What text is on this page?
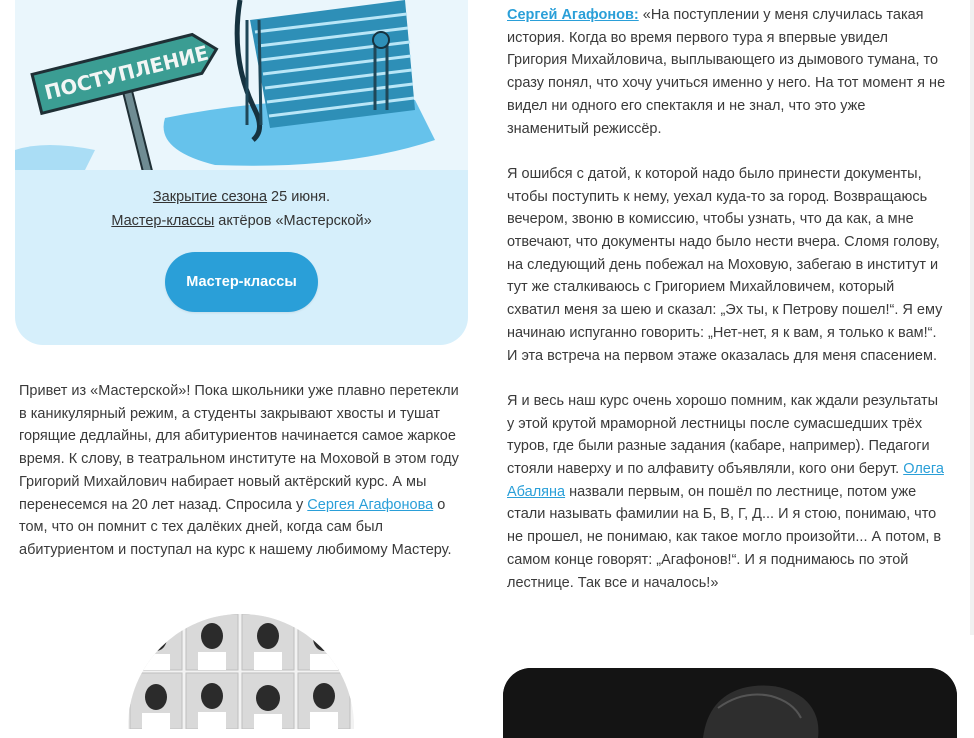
ПОСТУПЛЕНИЕ
Закрытие сезона 25 июня.
Мастер-классы актёров «Мастерской»
Мастер-классы
Привет из «Мастерской»! Пока школьники уже плавно перетекли в каникулярный режим, а студенты закрывают хвосты и тушат горящие дедлайны, для абитуриентов начинается самое жаркое время. К слову, в театральном институте на Моховой в этом году Григорий Михайлович набирает новый актёрский курс. А мы перенесемся на 20 лет назад. Спросила у Сергея Агафонова о том, что он помнит с тех далёких дней, когда сам был абитуриентом и поступал на курс к нашему любимому Мастеру.

Сергей Агафонов: «На поступлении у меня случилась такая история. Когда во время первого тура я впервые увидел Григория Михайловича, выплывающего из дымового тумана, то сразу понял, что хочу учиться именно у него. На тот момент я не видел ни одного его спектакля и не знал, что это уже знаменитый режиссёр.

Я ошибся с датой, к которой надо было принести документы, чтобы поступить к нему, уехал куда-то за город. Возвращаюсь вечером, звоню в комиссию, чтобы узнать, что да как, а мне отвечают, что документы надо было нести вчера. Сломя голову, на следующий день побежал на Моховую, забегаю в институт и тут же сталкиваюсь с Григорием Михайловичем, который схватил меня за шею и сказал: „Эх ты, к Петрову пошел!“. Я ему начинаю испуганно говорить: „Нет-нет, я к вам, я только к вам!“. И эта встреча на первом этаже оказалась для меня спасением.

Я и весь наш курс очень хорошо помним, как ждали результаты у этой крутой мраморной лестницы после сумасшедших трёх туров, где были разные задания (кабаре, например). Педагоги стояли наверху и по алфавиту объявляли, кого они берут. Олега Абаляна назвали первым, он пошёл по лестнице, потом уже стали называть фамилии на Б, В, Г, Д... И я стою, понимаю, что не прошел, не понимаю, как такое могло произойти... А потом, в самом конце говорят: „Агафонов!“. И я поднимаюсь по этой лестнице. Так все и началось!»
